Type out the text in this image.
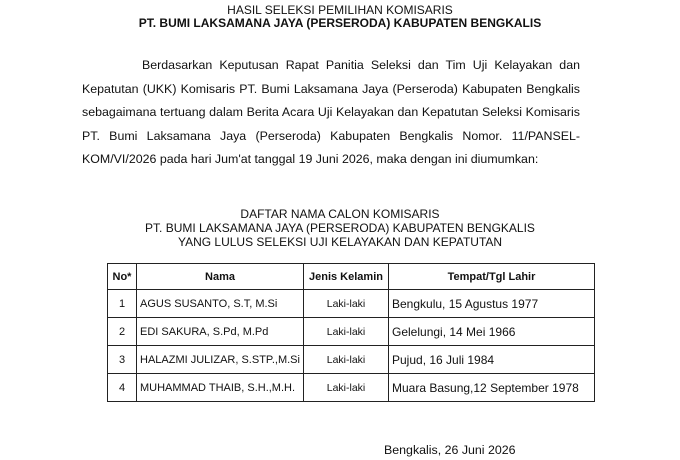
HASIL SELEKSI PEMILIHAN KOMISARIS
PT. BUMI LAKSAMANA JAYA (PERSERODA) KABUPATEN BENGKALIS
Berdasarkan Keputusan Rapat Panitia Seleksi dan Tim Uji Kelayakan dan Kepatutan (UKK) Komisaris PT. Bumi Laksamana Jaya (Perseroda) Kabupaten Bengkalis sebagaimana tertuang dalam Berita Acara Uji Kelayakan dan Kepatutan Seleksi Komisaris PT. Bumi Laksamana Jaya (Perseroda) Kabupaten Bengkalis Nomor. 11/PANSEL-KOM/VI/2026 pada hari Jum'at tanggal 19 Juni 2026, maka dengan ini diumumkan:
DAFTAR NAMA CALON KOMISARIS
PT. BUMI LAKSAMANA JAYA (PERSERODA) KABUPATEN BENGKALIS
YANG LULUS SELEKSI UJI KELAYAKAN DAN KEPATUTAN
No*	Nama	Jenis Kelamin	Tempat/Tgl Lahir
1	AGUS SUSANTO, S.T, M.Si	Laki-laki	Bengkulu, 15 Agustus 1977
2	EDI SAKURA, S.Pd, M.Pd	Laki-laki	Gelelungi, 14 Mei 1966
3	HALAZMI JULIZAR, S.STP.,M.Si	Laki-laki	Pujud, 16 Juli 1984
4	MUHAMMAD THAIB, S.H.,M.H.	Laki-laki	Muara Basung,12 September 1978
Bengkalis, 26 Juni 2026
